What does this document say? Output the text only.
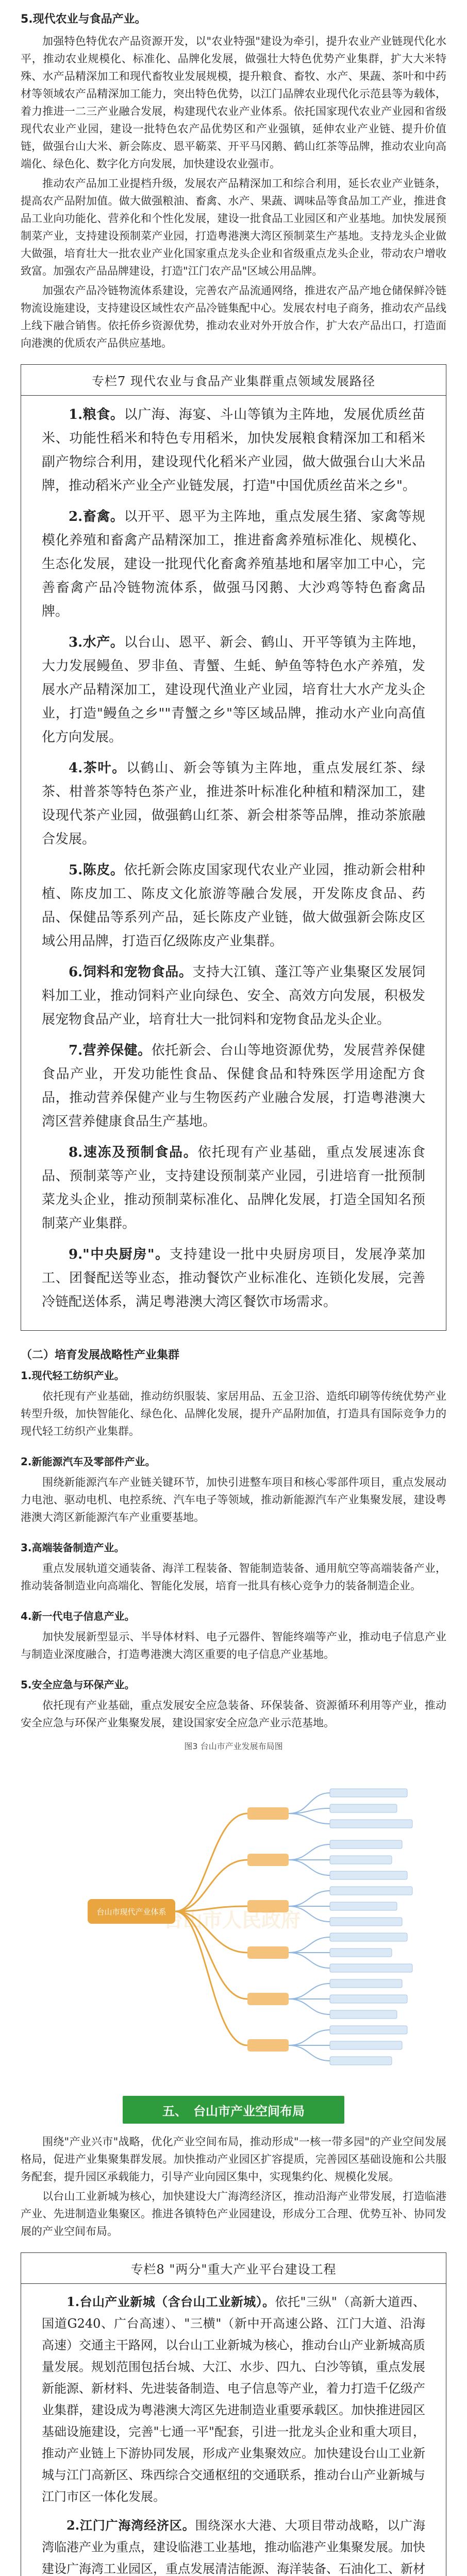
5.现代农业与食品产业。

加强特色特优农产品资源开发，以"农业特强"建设为牵引，提升农业产业链现代化水平，推动农业规模化、标准化、品牌化发展，做强壮大特色优势产业集群，扩大大米特殊、水产品精深加工和现代畜牧业发展规模，提升粮食、畜牧、水产、果蔬、茶叶和中药材等领域农产品精深加工能力，突出特色优势，以江门品牌农业现代化示范县等为载体，着力推进一二三产业融合发展，构建现代农业产业体系。依托国家现代农业产业园和省级现代农业产业园，建设一批特色农产品优势区和产业强镇，延伸农业产业链、提升价值链，做强台山大米、新会陈皮、恩平簕菜、开平马冈鹅、鹤山红茶等品牌，推动农业向高端化、绿色化、数字化方向发展，加快建设农业强市。

推动农产品加工业提档升级，发展农产品精深加工和综合利用，延长农业产业链条，提高农产品附加值。做大做强粮油、畜禽、水产、果蔬、调味品等食品加工产业，推进食品工业向功能化、营养化和个性化发展，建设一批食品工业园区和产业基地。加快发展预制菜产业，支持建设预制菜产业园，打造粤港澳大湾区预制菜生产基地。支持龙头企业做大做强，培育壮大一批农业产业化国家重点龙头企业和省级重点龙头企业，带动农户增收致富。加强农产品品牌建设，打造"江门农产品"区域公用品牌。

加强农产品冷链物流体系建设，完善农产品流通网络，推进农产品产地仓储保鲜冷链物流设施建设，支持建设区域性农产品冷链集配中心。发展农村电子商务，推动农产品线上线下融合销售。依托侨乡资源优势，推动农业对外开放合作，扩大农产品出口，打造面向港澳的优质农产品供应基地。

专栏7 现代农业与食品产业集群重点领域发展路径

1.粮食。以广海、海宴、斗山等镇为主阵地，发展优质丝苗米、功能性稻米和特色专用稻米，加快发展粮食精深加工和稻米副产物综合利用，建设现代化稻米产业园，做大做强台山大米品牌，推动稻米产业全产业链发展，打造"中国优质丝苗米之乡"。

2.畜禽。以开平、恩平为主阵地，重点发展生猪、家禽等规模化养殖和畜禽产品精深加工，推进畜禽养殖标准化、规模化、生态化发展，建设一批现代化畜禽养殖基地和屠宰加工中心，完善畜禽产品冷链物流体系，做强马冈鹅、大沙鸡等特色畜禽品牌。

3.水产。以台山、恩平、新会、鹤山、开平等镇为主阵地，大力发展鳗鱼、罗非鱼、青蟹、生蚝、鲈鱼等特色水产养殖，发展水产品精深加工，建设现代渔业产业园，培育壮大水产龙头企业，打造"鳗鱼之乡""青蟹之乡"等区域品牌，推动水产业向高值化方向发展。

4.茶叶。以鹤山、新会等镇为主阵地，重点发展红茶、绿茶、柑普茶等特色茶产业，推进茶叶标准化种植和精深加工，建设现代茶产业园，做强鹤山红茶、新会柑茶等品牌，推动茶旅融合发展。

5.陈皮。依托新会陈皮国家现代农业产业园，推动新会柑种植、陈皮加工、陈皮文化旅游等融合发展，开发陈皮食品、药品、保健品等系列产品，延长陈皮产业链，做大做强新会陈皮区域公用品牌，打造百亿级陈皮产业集群。

6.饲料和宠物食品。支持大江镇、蓬江等产业集聚区发展饲料加工业，推动饲料产业向绿色、安全、高效方向发展，积极发展宠物食品产业，培育壮大一批饲料和宠物食品龙头企业。

7.营养保健。依托新会、台山等地资源优势，发展营养保健食品产业，开发功能性食品、保健食品和特殊医学用途配方食品，推动营养保健产业与生物医药产业融合发展，打造粤港澳大湾区营养健康食品生产基地。

8.速冻及预制食品。依托现有产业基础，重点发展速冻食品、预制菜等产业，支持建设预制菜产业园，引进培育一批预制菜龙头企业，推动预制菜标准化、品牌化发展，打造全国知名预制菜产业集群。

9."中央厨房"。支持建设一批中央厨房项目，发展净菜加工、团餐配送等业态，推动餐饮产业标准化、连锁化发展，完善冷链配送体系，满足粤港澳大湾区餐饮市场需求。

（二）培育发展战略性产业集群
1.现代轻工纺织产业。

依托现有产业基础，推动纺织服装、家居用品、五金卫浴、造纸印刷等传统优势产业转型升级，加快智能化、绿色化、品牌化发展，提升产品附加值，打造具有国际竞争力的现代轻工纺织产业集群。

2.新能源汽车及零部件产业。

围绕新能源汽车产业链关键环节，加快引进整车项目和核心零部件项目，重点发展动力电池、驱动电机、电控系统、汽车电子等领域，推动新能源汽车产业集聚发展，建设粤港澳大湾区新能源汽车产业重要基地。

3.高端装备制造产业。

重点发展轨道交通装备、海洋工程装备、智能制造装备、通用航空等高端装备产业，推动装备制造业向高端化、智能化发展，培育一批具有核心竞争力的装备制造企业。

4.新一代电子信息产业。

加快发展新型显示、半导体材料、电子元器件、智能终端等产业，推动电子信息产业与制造业深度融合，打造粤港澳大湾区重要的电子信息产业基地。

5.安全应急与环保产业。

依托现有产业基础，重点发展安全应急装备、环保装备、资源循环利用等产业，推动安全应急与环保产业集聚发展，建设国家安全应急产业示范基地。

图3 台山市产业发展布局图
台山市现代产业体系
台山市人民政府
五、 台山市产业空间布局

围绕"产业兴市"战略，优化产业空间布局，推动形成"一核一带多园"的产业空间发展格局，促进产业集聚集群发展。加快推动产业园区扩容提质，完善园区基础设施和公共服务配套，提升园区承载能力，引导产业向园区集中，实现集约化、规模化发展。

以台山工业新城为核心，加快建设大广海湾经济区，推动沿海产业带发展，打造临港产业、先进制造业集聚区。推进各镇特色产业园建设，形成分工合理、优势互补、协同发展的产业空间布局。

专栏8 "两分"重大产业平台建设工程

1.台山产业新城（含台山工业新城）。依托"三纵"（高新大道西、国道G240、广台高速）、"三横"（新中开高速公路、江门大道、沿海高速）交通主干路网，以台山工业新城为核心，推动台山产业新城高质量发展。规划范围包括台城、大江、水步、四九、白沙等镇，重点发展新能源、新材料、先进装备制造、电子信息等产业，着力打造千亿级产业集群，建设成为粤港澳大湾区先进制造业重要承载区。加快推进园区基础设施建设，完善"七通一平"配套，引进一批龙头企业和重大项目，推动产业链上下游协同发展，形成产业集聚效应。加快建设台山工业新城与江门高新区、珠西综合交通枢纽的交通联系，推动台山产业新城与江门市区一体化发展。

2.江门广海湾经济区。围绕深水大港、大项目带动战略，以广海湾临港产业为重点，建设临港工业基地，推动临港产业集聚发展。加快建设广海湾工业园区，重点发展清洁能源、海洋装备、石油化工、新材
